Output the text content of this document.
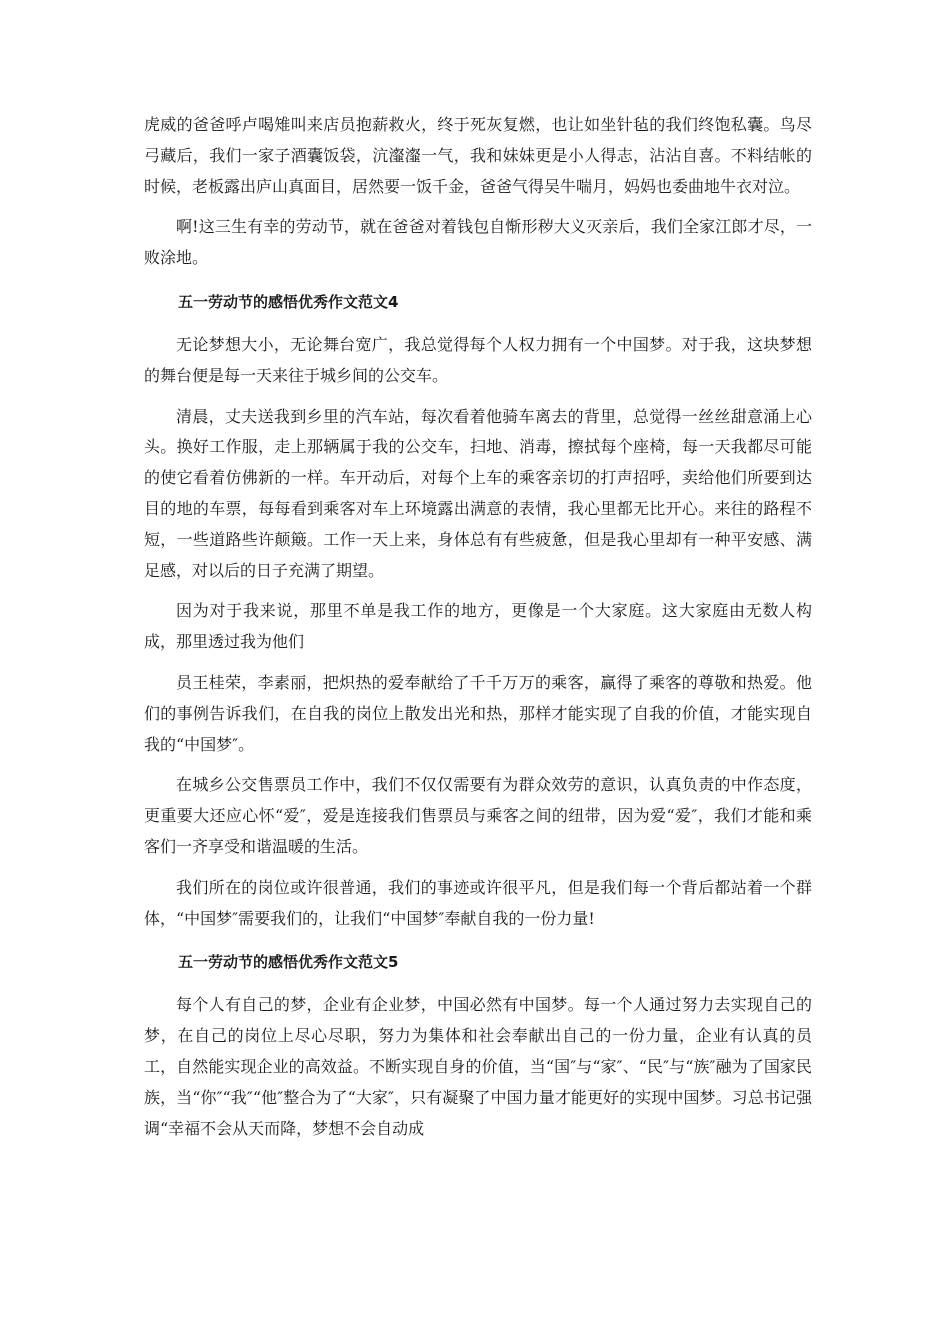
虎威的爸爸呼卢喝雉叫来店员抱薪救火，终于死灰复燃，也让如坐针毡的我们终饱私囊。鸟尽弓藏后，我们一家子酒囊饭袋，沆瀣瀣一气，我和妹妹更是小人得志，沾沾自喜。不料结帐的时候，老板露出庐山真面目，居然要一饭千金，爸爸气得吴牛喘月，妈妈也委曲地牛衣对泣。

啊!这三生有幸的劳动节，就在爸爸对着钱包自惭形秽大义灭亲后，我们全家江郎才尽，一败涂地。

五一劳动节的感悟优秀作文范文4

无论梦想大小，无论舞台宽广，我总觉得每个人权力拥有一个中国梦。对于我，这块梦想的舞台便是每一天来往于城乡间的公交车。

清晨，丈夫送我到乡里的汽车站，每次看着他骑车离去的背里，总觉得一丝丝甜意涌上心头。换好工作服，走上那辆属于我的公交车，扫地、消毒，擦拭每个座椅，每一天我都尽可能的使它看着仿佛新的一样。车开动后，对每个上车的乘客亲切的打声招呼，卖给他们所要到达目的地的车票，每每看到乘客对车上环境露出满意的表情，我心里都无比开心。来往的路程不短，一些道路些许颠簸。工作一天上来，身体总有有些疲惫，但是我心里却有一种平安感、满足感，对以后的日子充满了期望。

因为对于我来说，那里不单是我工作的地方，更像是一个大家庭。这大家庭由无数人构成，那里透过我为他们

员王桂荣，李素丽，把炽热的爱奉献给了千千万万的乘客，赢得了乘客的尊敬和热爱。他们的事例告诉我们，在自我的岗位上散发出光和热，那样才能实现了自我的价值，才能实现自我的“中国梦″。

在城乡公交售票员工作中，我们不仅仅需要有为群众效劳的意识，认真负责的中作态度，更重要大还应心怀“爱″，爱是连接我们售票员与乘客之间的纽带，因为爱“爱″，我们才能和乘客们一齐享受和谐温暖的生活。

我们所在的岗位或许很普通，我们的事迹或许很平凡，但是我们每一个背后都站着一个群体，“中国梦″需要我们的，让我们“中国梦″奉献自我的一份力量!

五一劳动节的感悟优秀作文范文5

每个人有自己的梦，企业有企业梦，中国必然有中国梦。每一个人通过努力去实现自己的梦，在自己的岗位上尽心尽职，努力为集体和社会奉献出自己的一份力量，企业有认真的员工，自然能实现企业的高效益。不断实现自身的价值，当“国″与“家″、“民″与“族″融为了国家民族，当“你″“我″“他″整合为了“大家″，只有凝聚了中国力量才能更好的实现中国梦。习总书记强调“幸福不会从天而降，梦想不会自动成
